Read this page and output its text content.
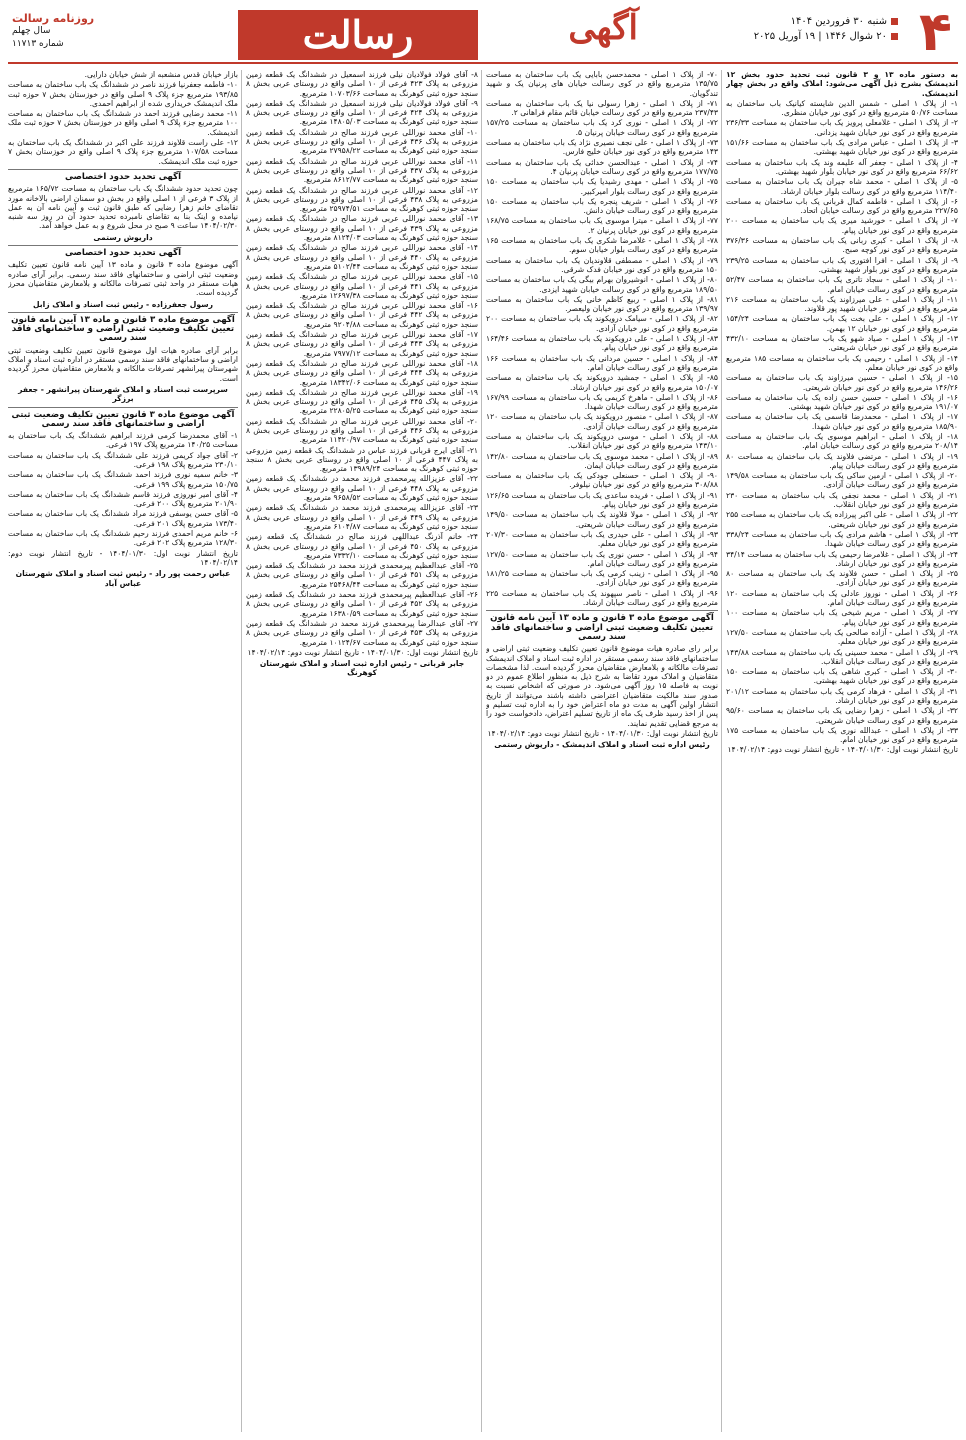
۴
شنبه ۳۰ فروردین ۱۴۰۴
۲۰ شوال ۱۴۴۶ | ۱۹ آوریل ۲۰۲۵
آگهی
رسالت
روزنامه رسالت
سال چهلم
شماره ۱۱۷۱۳

به‌ دستور ماده ۱۳ و ۳ قانون ثبت تحدید حدود بخش ۱۲ اندیمشک بشرح ذیل آگهی می‌شود: املاک واقع در بخش چهار اندیمشک.

۱- از پلاک ۱ اصلی - شمس الدین شایسته کیانیک باب ساختمان به مساحت ۵۰/۷۶ مترمربع واقع در کوی نور خیابان منظری.

۲- از پلاک ۱ اصلی - غلامعلی پرویز یک باب ساختمان به مساحت ۲۳۶/۳۳ مترمربع واقع در کوی نور خیابان شهید یزدانی.

۳- از پلاک ۱ اصلی - عباس مرادی یک باب ساختمان به مساحت ۱۵۱/۶۶ مترمربع واقع در کوی نور خیابان شهید بهشتی.

۴- از پلاک ۱ اصلی - جعفر آله علیمه وند یک باب ساختمان به مساحت ۶۶/۶۲ مترمربع واقع در کوی نور خیابان بلوار شهید بهشتی.

۵- از پلاک ۱ اصلی - محمد شاه جیران یک باب ساختمان به مساحت ۱۱۴/۴۰ مترمربع واقع در کوی رسالت بلوار خیابان ارشاد.

۶- از پلاک ۱ اصلی - فاطمه کمال قربانی یک باب ساختمان به مساحت ۲۲۷/۶۵ مترمربع واقع در کوی رسالت خیابان اتحاد.

۷- از پلاک ۱ اصلی - خورشید میری یک باب ساختمان به مساحت ۲۰۰ مترمربع واقع در کوی نور خیابان پیام.

۸- از پلاک ۱ اصلی - کبری ربانی یک باب ساختمان به مساحت ۳۷۶/۳۶ مترمربع واقع در کوی نور کوچه صبح.

۹- از پلاک ۱ اصلی - افرا افتوری یک باب ساختمان به مساحت ۲۳۹/۲۵ مترمربع واقع در کوی نور بلوار شهید بهشتی.

۱۰- از پلاک ۱ اصلی - سجاد تاتری یک باب ساختمان به مساحت ۵۲/۴۷ مترمربع واقع در کوی رسالت خیابان امام.

۱۱- از پلاک ۱ اصلی - علی میرزاوند یک باب ساختمان به مساحت ۲۱۶ مترمربع واقع در کوی نور خیابان شهید پور قلاوند.

۱۲- از پلاک ۱ اصلی - علی بخت یک باب ساختمان به مساحت ۱۵۴/۲۴ مترمربع واقع در کوی نور خیابان ۱۲ بهمن.

۱۳- از پلاک ۱ اصلی - صیاد شهو یک باب ساختمان به مساحت ۴۳۲/۱۰ مترمربع واقع در کوی نور خیابان شریعتی.

۱۴- از پلاک ۱ اصلی - رحیمی یک باب ساختمان به مساحت ۱۸۵ مترمربع واقع در کوی نور خیابان معلم.

۱۵- از پلاک ۱ اصلی - حسین میرزاوند یک باب ساختمان به مساحت ۱۴۶/۲۶ مترمربع واقع در کوی نور خیابان شریعتی.

۱۶- از پلاک ۱ اصلی - حسین حسن زاده یک باب ساختمان به مساحت ۱۹۱/۰۷ مترمربع واقع در کوی نور خیابان شهید بهشتی.

۱۷- از پلاک ۱ اصلی - محمدرضا قاسمی یک باب ساختمان به مساحت ۱۸۵/۹۰ مترمربع واقع در کوی نور خیابان شهدا.

۱۸- از پلاک ۱ اصلی - ابراهیم موسوی یک باب ساختمان به مساحت ۲۰۸/۱۴ مترمربع واقع در کوی رسالت خیابان امام.

۱۹- از پلاک ۱ اصلی - مرتضی فلاوند یک باب ساختمان به مساحت ۸۰ مترمربع واقع در کوی رسالت خیابان پیام.

۲۰- از پلاک ۱ اصلی - ارمین ساکی یک باب ساختمان به مساحت ۱۴۹/۵۸ مترمربع واقع در کوی رسالت خیابان آزادی.

۲۱- از پلاک ۱ اصلی - محمد نجفی یک باب ساختمان به مساحت ۲۳۰ مترمربع واقع در کوی نور خیابان انقلاب.

۲۲- از پلاک ۱ اصلی - علی اکبر پیرزاده یک باب ساختمان به مساحت ۲۵۵ مترمربع واقع در کوی نور خیابان شریعتی.

۲۳- از پلاک ۱ اصلی - هاشم مرادی یک باب ساختمان به مساحت ۳۳۸/۲۴ مترمربع واقع در کوی رسالت خیابان شهدا.

۲۴- از پلاک ۱ اصلی - غلامرضا رحیمی یک باب ساختمان به مساحت ۳۴/۱۴ مترمربع واقع در کوی نور خیابان ارشاد.

۲۵- از پلاک ۱ اصلی - حسن فلاوند یک باب ساختمان به مساحت ۸۰ مترمربع واقع در کوی نور خیابان آزادی.

۲۶- از پلاک ۱ اصلی - نوروز عادلی یک باب ساختمان به مساحت ۱۲۰ مترمربع واقع در کوی رسالت خیابان امام.

۲۷- از پلاک ۱ اصلی - مریم شیخی یک باب ساختمان به مساحت ۱۰۰ مترمربع واقع در کوی نور خیابان پیام.

۲۸- از پلاک ۱ اصلی - آزاده صالحی یک باب ساختمان به مساحت ۱۲۷/۵۰ مترمربع واقع در کوی نور خیابان معلم.

۲۹- از پلاک ۱ اصلی - محمد حسینی یک باب ساختمان به مساحت ۱۴۳/۸۸ مترمربع واقع در کوی رسالت خیابان انقلاب.

۳۰- از پلاک ۱ اصلی - کبری شاهی یک باب ساختمان به مساحت ۱۵۰ مترمربع واقع در کوی نور خیابان شهید بهشتی.

۳۱- از پلاک ۱ اصلی - فرهاد کرمی یک باب ساختمان به مساحت ۲۰۱/۱۲ مترمربع واقع در کوی نور خیابان ارشاد.

۳۲- از پلاک ۱ اصلی - زهرا رضایی یک باب ساختمان به مساحت ۹۵/۶۰ مترمربع واقع در کوی رسالت خیابان شریعتی.

۳۳- از پلاک ۱ اصلی - عبدالله نوری یک باب ساختمان به مساحت ۱۷۵ مترمربع واقع در کوی نور خیابان امام.

تاریخ انتشار نوبت اول: ۱۴۰۴/۰۱/۳۰ - تاریخ انتشار نوبت دوم: ۱۴۰۴/۰۲/۱۴

۷۰- از پلاک ۱ اصلی - محمدحسن بابایی یک باب ساختمان به مساحت ۱۳۵/۷۵ مترمربع واقع در کوی رسالت خیابان های پرنیان یک و شهید تندگویان.

۷۱- از پلاک ۱ اصلی - زهرا رسولی نیا یک باب ساختمان به مساحت ۲۳۷/۴۳ مترمربع واقع در کوی رسالت خیابان قائم مقام فراهانی ۲.

۷۲- از پلاک ۱ اصلی - نوری کرد یک باب ساختمان به مساحت ۱۵۷/۲۵ مترمربع واقع در کوی رسالت خیابان پرنیان ۵.

۷۳- از پلاک ۱ اصلی - علی نجف نصیری نژاد یک باب ساختمان به مساحت ۱۴۳ مترمربع واقع در کوی نور خیابان خلیج فارس.

۷۴- از پلاک ۱ اصلی - عبدالحسن خدائی یک باب ساختمان به مساحت ۱۷۷/۷۵ مترمربع واقع در کوی رسالت خیابان پرنیان ۴.

۷۵- از پلاک ۱ اصلی - مهدی رشیدیا یک باب ساختمان به مساحت ۱۵۰ مترمربع واقع در کوی رسالت بلوار امیرکبیر.

۷۶- از پلاک ۱ اصلی - شریف پنجره یک باب ساختمان به مساحت ۱۵۰ مترمربع واقع در کوی رسالت خیابان دانش.

۷۷- از پلاک ۱ اصلی - میترا موسوی یک باب ساختمان به مساحت ۱۶۸/۷۵ مترمربع واقع در کوی نور خیابان پرنیان ۲.

۷۸- از پلاک ۱ اصلی - غلامرضا شکری یک باب ساختمان به مساحت ۱۶۵ مترمربع واقع در کوی رسالت بلوار خیابان سوم.

۷۹- از پلاک ۱ اصلی - مصطفی قلاوندیان یک باب ساختمان به مساحت ۱۵۰ مترمربع واقع در کوی نور خیابان فدک شرقی.

۸۰- از پلاک ۱ اصلی - انوشیروان بهرام بیگی یک باب ساختمان به مساحت ۱۸۹/۵۰ مترمربع واقع در کوی رسالت خیابان شهید ایزدی.

۸۱- از پلاک ۱ اصلی - ربیع کاظم خانی یک باب ساختمان به مساحت ۱۳۹/۹۷ مترمربع واقع در کوی نور خیابان ولیعصر.

۸۲- از پلاک ۱ اصلی - سیامک درویکوند یک باب ساختمان به مساحت ۲۰۰ مترمربع واقع در کوی نور خیابان آزادی.

۸۳- از پلاک ۱ اصلی - علی درویکوند یک باب ساختمان به مساحت ۱۶۴/۴۶ مترمربع واقع در کوی نور خیابان پیام.

۸۴- از پلاک ۱ اصلی - حسین مردانی یک باب ساختمان به مساحت ۱۶۶ مترمربع واقع در کوی رسالت خیابان امام.

۸۵- از پلاک ۱ اصلی - جمشید درویکوند یک باب ساختمان به مساحت ۱۵۰/۰۷ مترمربع واقع در کوی نور خیابان ارشاد.

۸۶- از پلاک ۱ اصلی - ماهرخ کریمی یک باب ساختمان به مساحت ۱۶۷/۹۹ مترمربع واقع در کوی رسالت خیابان شهدا.

۸۷- از پلاک ۱ اصلی - منصور درویکوند یک باب ساختمان به مساحت ۱۲۰ مترمربع واقع در کوی رسالت خیابان آزادی.

۸۸- از پلاک ۱ اصلی - موسی درویکوند یک باب ساختمان به مساحت ۱۴۳/۱۰ مترمربع واقع در کوی نور خیابان انقلاب.

۸۹- از پلاک ۱ اصلی - محمد موسوی یک باب ساختمان به مساحت ۱۴۲/۸۰ مترمربع واقع در کوی رسالت خیابان ایمان.

۹۰- از پلاک ۱ اصلی - حسنعلی جودکی یک باب ساختمان به مساحت ۳۰۸/۸۸ مترمربع واقع در کوی نور خیابان نیلوفر.

۹۱- از پلاک ۱ اصلی - فریده ساعدی یک باب ساختمان به مساحت ۱۲۶/۶۵ مترمربع واقع در کوی نور خیابان پیام.

۹۲- از پلاک ۱ اصلی - مولا قلاوند یک باب ساختمان به مساحت ۱۴۹/۵۰ مترمربع واقع در کوی رسالت خیابان شریعتی.

۹۳- از پلاک ۱ اصلی - علی حیدری یک باب ساختمان به مساحت ۲۰۷/۳۰ مترمربع واقع در کوی نور خیابان معلم.

۹۴- از پلاک ۱ اصلی - حسن نوری یک باب ساختمان به مساحت ۱۲۷/۵۰ مترمربع واقع در کوی رسالت خیابان امام.

۹۵- از پلاک ۱ اصلی - زینب کرمی یک باب ساختمان به مساحت ۱۸۱/۲۵ مترمربع واقع در کوی نور خیابان آزادی.

۹۶- از پلاک ۱ اصلی - ناصر سپهوند یک باب ساختمان به مساحت ۲۲۵ مترمربع واقع در کوی رسالت خیابان ارشاد.

آگهی موضوع ماده ۳ قانون و ماده ۱۳ آیین نامه قانون تعیین تکلیف وضعیت ثبتی اراضی و ساختمانهای فاقد سند رسمی

برابر رای صادره هیات موضوع قانون تعیین تکلیف وضعیت ثبتی اراضی و ساختمانهای فاقد سند رسمی مستقر در اداره ثبت اسناد و املاک اندیمشک تصرفات مالکانه و بلامعارض متقاضیان محرز گردیده است. لذا مشخصات متقاضیان و املاک مورد تقاضا به شرح ذیل به منظور اطلاع عموم در دو نوبت به فاصله ۱۵ روز آگهی می‌شود. در صورتی که اشخاص نسبت به صدور سند مالکیت متقاضیان اعتراضی داشته باشند می‌توانند از تاریخ انتشار اولین آگهی به مدت دو ماه اعتراض خود را به اداره ثبت تسلیم و پس از اخذ رسید ظرف یک ماه از تاریخ تسلیم اعتراض، دادخواست خود را به مرجع قضایی تقدیم نمایند.

تاریخ انتشار نوبت اول: ۱۴۰۴/۰۱/۳۰ - تاریخ انتشار نوبت دوم: ۱۴۰۴/۰۲/۱۴

رئیس اداره ثبت اسناد و املاک اندیمشک - داریوش رستمی

۸- آقای فولاد فولادیان نیلی فرزند اسمعیل در ششدانگ یک قطعه زمین مزروعی به پلاک ۴۲۳ فرعی از ۱۰ اصلی واقع در روستای عربی بخش ۸ سنجد حوزه ثبتی کوهرنگ به مساحت ۱۰۷۰۳/۶۶ مترمربع.

۹- آقای فولاد فولادیان نیلی فرزند اسمعیل در ششدانگ یک قطعه زمین مزروعی به پلاک ۴۲۴ فرعی از ۱۰ اصلی واقع در روستای عربی بخش ۸ سنجد حوزه ثبتی کوهرنگ به مساحت ۱۴۸۰۵/۰۳ مترمربع.

۱۰- آقای محمد نوراللی عربی فرزند صالح در ششدانگ یک قطعه زمین مزروعی به پلاک ۴۳۶ فرعی از ۱۰ اصلی واقع در روستای عربی بخش ۸ سنجد حوزه ثبتی کوهرنگ به مساحت ۲۷۹۵۸/۲۲ مترمربع.

۱۱- آقای محمد نوراللی عربی فرزند صالح در ششدانگ یک قطعه زمین مزروعی به پلاک ۴۳۷ فرعی از ۱۰ اصلی واقع در روستای عربی بخش ۸ سنجد حوزه ثبتی کوهرنگ به مساحت ۸۶۱۲/۷۷ مترمربع.

۱۲- آقای محمد نوراللی عربی فرزند صالح در ششدانگ یک قطعه زمین مزروعی به پلاک ۴۳۸ فرعی از ۱۰ اصلی واقع در روستای عربی بخش ۸ سنجد حوزه ثبتی کوهرنگ به مساحت ۲۵۹۷۴/۵۱ مترمربع.

۱۳- آقای محمد نوراللی عربی فرزند صالح در ششدانگ یک قطعه زمین مزروعی به پلاک ۴۳۹ فرعی از ۱۰ اصلی واقع در روستای عربی بخش ۸ سنجد حوزه ثبتی کوهرنگ به مساحت ۸۱۲۴/۰۳ مترمربع.

۱۴- آقای محمد نوراللی عربی فرزند صالح در ششدانگ یک قطعه زمین مزروعی به پلاک ۴۴۰ فرعی از ۱۰ اصلی واقع در روستای عربی بخش ۸ سنجد حوزه ثبتی کوهرنگ به مساحت ۵۱۰۲/۴۴ مترمربع.

۱۵- آقای محمد نوراللی عربی فرزند صالح در ششدانگ یک قطعه زمین مزروعی به پلاک ۴۴۱ فرعی از ۱۰ اصلی واقع در روستای عربی بخش ۸ سنجد حوزه ثبتی کوهرنگ به مساحت ۱۲۶۹۷/۳۸ مترمربع.

۱۶- آقای محمد نوراللی عربی فرزند صالح در ششدانگ یک قطعه زمین مزروعی به پلاک ۴۴۲ فرعی از ۱۰ اصلی واقع در روستای عربی بخش ۸ سنجد حوزه ثبتی کوهرنگ به مساحت ۹۲۰۴/۸۸ مترمربع.

۱۷- آقای محمد نوراللی عربی فرزند صالح در ششدانگ یک قطعه زمین مزروعی به پلاک ۴۴۳ فرعی از ۱۰ اصلی واقع در روستای عربی بخش ۸ سنجد حوزه ثبتی کوهرنگ به مساحت ۷۹۷۷/۱۲ مترمربع.

۱۸- آقای محمد نوراللی عربی فرزند صالح در ششدانگ یک قطعه زمین مزروعی به پلاک ۴۴۴ فرعی از ۱۰ اصلی واقع در روستای عربی بخش ۸ سنجد حوزه ثبتی کوهرنگ به مساحت ۱۸۳۴۲/۰۶ مترمربع.

۱۹- آقای محمد نوراللی عربی فرزند صالح در ششدانگ یک قطعه زمین مزروعی به پلاک ۴۴۵ فرعی از ۱۰ اصلی واقع در روستای عربی بخش ۸ سنجد حوزه ثبتی کوهرنگ به مساحت ۲۲۸۰۵/۲۵ مترمربع.

۲۰- آقای محمد نوراللی عربی فرزند صالح در ششدانگ یک قطعه زمین مزروعی به پلاک ۴۴۶ فرعی از ۱۰ اصلی واقع در روستای عربی بخش ۸ سنجد حوزه ثبتی کوهرنگ به مساحت ۱۱۴۲۰/۹۷ مترمربع.

۲۱- آقای ایرج قربانی فرزند عباس در ششدانگ یک قطعه زمین مزروعی به پلاک ۴۴۷ فرعی از ۱۰ اصلی واقع در روستای عربی بخش ۸ سنجد حوزه ثبتی کوهرنگ به مساحت ۱۳۹۸۹/۲۴ مترمربع.

۲۲- آقای عزیزالله پیرمحمدی فرزند محمد در ششدانگ یک قطعه زمین مزروعی به پلاک ۴۴۸ فرعی از ۱۰ اصلی واقع در روستای عربی بخش ۸ سنجد حوزه ثبتی کوهرنگ به مساحت ۹۶۵۸/۵۲ مترمربع.

۲۳- آقای عزیزالله پیرمحمدی فرزند محمد در ششدانگ یک قطعه زمین مزروعی به پلاک ۴۴۹ فرعی از ۱۰ اصلی واقع در روستای عربی بخش ۸ سنجد حوزه ثبتی کوهرنگ به مساحت ۶۱۰۴/۸۷ مترمربع.

۲۴- خانم آذرنگ عبداللهی فرزند صالح در ششدانگ یک قطعه زمین مزروعی به پلاک ۴۵۰ فرعی از ۱۰ اصلی واقع در روستای عربی بخش ۸ سنجد حوزه ثبتی کوهرنگ به مساحت ۷۳۳۲/۱۰ مترمربع.

۲۵- آقای عبدالعظیم پیرمحمدی فرزند محمد در ششدانگ یک قطعه زمین مزروعی به پلاک ۴۵۱ فرعی از ۱۰ اصلی واقع در روستای عربی بخش ۸ سنجد حوزه ثبتی کوهرنگ به مساحت ۲۵۴۶۸/۴۴ مترمربع.

۲۶- آقای عبدالعظیم پیرمحمدی فرزند محمد در ششدانگ یک قطعه زمین مزروعی به پلاک ۴۵۲ فرعی از ۱۰ اصلی واقع در روستای عربی بخش ۸ سنجد حوزه ثبتی کوهرنگ به مساحت ۱۶۳۸۰/۵۹ مترمربع.

۲۷- آقای عبدالرضا پیرمحمدی فرزند محمد در ششدانگ یک قطعه زمین مزروعی به پلاک ۴۵۳ فرعی از ۱۰ اصلی واقع در روستای عربی بخش ۸ سنجد حوزه ثبتی کوهرنگ به مساحت ۱۰۱۲۴/۶۷ مترمربع.

تاریخ انتشار نوبت اول: ۱۴۰۴/۰۱/۳۰ - تاریخ انتشار نوبت دوم: ۱۴۰۴/۰۲/۱۴

جابر قربانی - رئیس اداره ثبت اسناد و املاک شهرستان کوهرنگ

بازار خیابان قدس منشعبه از شش خیابان دارایی.

۱۰- فاطمه جعفرنیا فرزند ناصر در ششدانگ یک باب ساختمان به مساحت ۱۹۳/۸۵ مترمربع جزء پلاک ۹ اصلی واقع در خوزستان بخش ۷ حوزه ثبت ملک اندیمشک خریداری شده از ابراهیم احمدی.

۱۱- محمد رضایی فرزند احمد در ششدانگ یک باب ساختمان به مساحت ۱۰۰ مترمربع جزء پلاک ۹ اصلی واقع در خوزستان بخش ۷ حوزه ثبت ملک اندیمشک.

۱۲- علی راست قلاوند فرزند علی اکبر در ششدانگ یک باب ساختمان به مساحت ۱۰۷/۵۸ مترمربع جزء پلاک ۹ اصلی واقع در خوزستان بخش ۷ حوزه ثبت ملک اندیمشک.

آگهی تحدید حدود اختصاصی

چون تحدید حدود ششدانگ یک باب ساختمان به مساحت ۱۶۵/۷۲ مترمربع از پلاک ۳ فرعی از ۱ اصلی واقع در بخش دو سمنان اراضی بالاخانه مورد تقاضای خانم زهرا رضایی که طبق قانون ثبت و آیین نامه آن به عمل نیامده و اینک بنا به تقاضای نامبرده تحدید حدود آن در روز سه شنبه ۱۴۰۴/۰۲/۳۰ ساعت ۹ صبح در محل شروع و به عمل خواهد آمد.

داریوش رستمی
آگهی تحدید حدود اختصاصی

آگهی موضوع ماده ۳ قانون و ماده ۱۳ آیین نامه قانون تعیین تکلیف وضعیت ثبتی اراضی و ساختمانهای فاقد سند رسمی. برابر آرای صادره هیات مستقر در واحد ثبتی تصرفات مالکانه و بلامعارض متقاضیان محرز گردیده است.

رسول جعفرزاده - رئیس ثبت اسناد و املاک زابل
آگهی موضوع ماده ۳ قانون و ماده ۱۳ آیین نامه قانون تعیین تکلیف وضعیت ثبتی اراضی و ساختمانهای فاقد سند رسمی

برابر آرای صادره هیات اول موضوع قانون تعیین تکلیف وضعیت ثبتی اراضی و ساختمانهای فاقد سند رسمی مستقر در اداره ثبت اسناد و املاک شهرستان پیرانشهر تصرفات مالکانه و بلامعارض متقاضیان محرز گردیده است.

سرپرست ثبت اسناد و املاک شهرستان پیرانشهر - جعفر برزگر
آگهی موضوع ماده ۳ قانون تعیین تکلیف وضعیت ثبتی اراضی و ساختمانهای فاقد سند رسمی

۱- آقای محمدرضا کرمی فرزند ابراهیم ششدانگ یک باب ساختمان به مساحت ۱۴۰/۲۵ مترمربع پلاک ۱۹۷ فرعی.

۲- آقای جواد کریمی فرزند علی ششدانگ یک باب ساختمان به مساحت ۲۳۰/۱۰ مترمربع پلاک ۱۹۸ فرعی.

۳- خانم سمیه نوری فرزند احمد ششدانگ یک باب ساختمان به مساحت ۱۵۰/۷۵ مترمربع پلاک ۱۹۹ فرعی.

۴- آقای امیر نوروزی فرزند قاسم ششدانگ یک باب ساختمان به مساحت ۲۰۱/۹۰ مترمربع پلاک ۲۰۰ فرعی.

۵- آقای حسن یوسفی فرزند مراد ششدانگ یک باب ساختمان به مساحت ۱۷۳/۴۰ مترمربع پلاک ۲۰۱ فرعی.

۶- خانم مریم احمدی فرزند رحیم ششدانگ یک باب ساختمان به مساحت ۱۲۸/۳۰ مترمربع پلاک ۲۰۲ فرعی.

تاریخ انتشار نوبت اول: ۱۴۰۴/۰۱/۳۰ - تاریخ انتشار نوبت دوم: ۱۴۰۴/۰۲/۱۴

عباس رحمت پور راد - رئیس ثبت اسناد و املاک شهرستان عباس آباد
